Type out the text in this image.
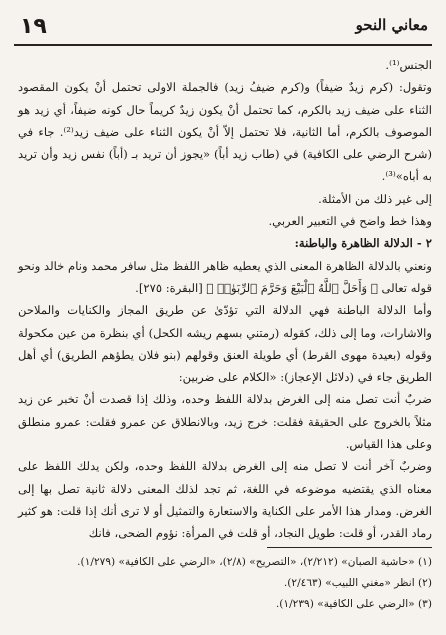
١٩	معاني النحو

الجنس⁽¹⁾.

وتقول: (كرم زيدٌ ضيفاً) و(كرم ضيفُ زيد) فالجملة الاولى تحتمل أنْ يكون المقصود الثناء على ضيف زيد بالكرم، كما تحتمل أنْ يكون زيدٌ كريماً حال كونه ضيفاً، أي زيد هو الموصوف بالكرم، أما الثانية، فلا تحتمل إلاّ أنْ يكون الثناء على ضيف زيد⁽²⁾. جاء في (شرح الرضي على الكافية) في (طاب زيد أباً) «يجوز أن تريد بـ (أباً) نفس زيد وأن تريد به أباه»⁽³⁾.

إلى غير ذلك من الأمثلة.

وهذا خط واضح في التعبير العربي.

٢ - الدلالة الظاهرة والباطنة:

ونعني بالدلالة الظاهرة المعنى الذي يعطيه ظاهر اللفظ مثل سافر محمد ونام خالد ونحو قوله تعالى ﴿ وَأَحَلَّ ٱللَّهُ ٱلْبَيْعَ وَحَرَّمَ ٱلرِّبَوٰا۟ ﴾ [البقرة: ٢٧٥].

وأما الدلالة الباطنة فهي الدلالة التي تؤدّىٰ عن طريق المجاز والكنايات والملاحن والاشارات، وما إلى ذلك، كقوله (رمتني بسهم ريشه الكحل) أي بنظرة من عين مكحولة وقوله (بعيدة مهوى القرط) أي طويلة العنق وقولهم (بنو فلان يطؤهم الطريق) أي أهل الطريق جاء في (دلائل الإعجاز): «الكلام على ضربين:

ضربٌ أنت تصل منه إلى الغرض بدلالة اللفظ وحده، وذلك إذا قصدت أنْ تخبر عن زيد مثلاً بالخروج على الحقيقة فقلت: خرج زيد، وبالانطلاق عن عمرو فقلت: عمرو منطلق وعلى هذا القياس.

وضربٌ آخر أنت لا تصل منه إلى الغرض بدلالة اللفظ وحده، ولكن يدلك اللفظ على معناه الذي يقتضيه موضوعه في اللغة، ثم تجد لذلك المعنى دلالة ثانية تصل بها إلى الغرض. ومدار هذا الأمر على الكناية والاستعارة والتمثيل أو لا ترى أنك إذا قلت: هو كثير رماد القدر، أو قلت: طويل النجاد، أو قلت في المرأة: نؤوم الضحى، فانك

(١) «حاشية الصبان» (٢/٢١٢)، «التصريح» (٢/٨)، «الرضي على الكافية» (١/٢٧٩).

(٢) انظر «مغني اللبيب» (٢/٤٦٣).

(٣) «الرضي على الكافية» (١/٢٣٩).
